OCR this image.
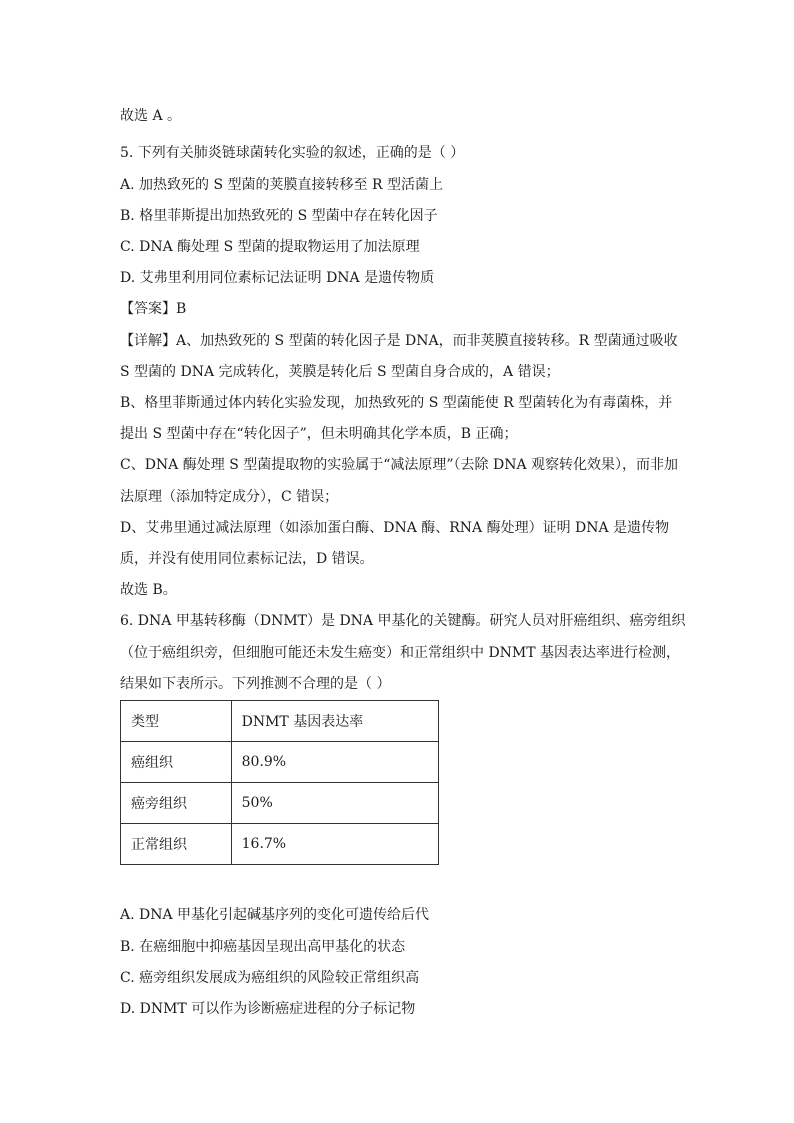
故选 A 。
5. 下列有关肺炎链球菌转化实验的叙述，正确的是（ ）
A. 加热致死的 S 型菌的荚膜直接转移至 R 型活菌上
B. 格里菲斯提出加热致死的 S 型菌中存在转化因子
C. DNA 酶处理 S 型菌的提取物运用了加法原理
D. 艾弗里利用同位素标记法证明 DNA 是遗传物质
【答案】B
【详解】A、加热致死的 S 型菌的转化因子是 DNA，而非荚膜直接转移。R 型菌通过吸收
S 型菌的 DNA 完成转化，荚膜是转化后 S 型菌自身合成的，A 错误；
B、格里菲斯通过体内转化实验发现，加热致死的 S 型菌能使 R 型菌转化为有毒菌株，并
提出 S 型菌中存在“转化因子”，但未明确其化学本质，B 正确；
C、DNA 酶处理 S 型菌提取物的实验属于“减法原理”（去除 DNA 观察转化效果），而非加
法原理（添加特定成分），C 错误；
D、艾弗里通过减法原理（如添加蛋白酶、DNA 酶、RNA 酶处理）证明 DNA 是遗传物
质，并没有使用同位素标记法，D 错误。
故选 B。
6. DNA 甲基转移酶（DNMT）是 DNA 甲基化的关键酶。研究人员对肝癌组织、癌旁组织
（位于癌组织旁，但细胞可能还未发生癌变）和正常组织中 DNMT 基因表达率进行检测，
结果如下表所示。下列推测不合理的是（ ）
类型	DNMT 基因表达率
癌组织	80.9%
癌旁组织	50%
正常组织	16.7%
A. DNA 甲基化引起碱基序列的变化可遗传给后代
B. 在癌细胞中抑癌基因呈现出高甲基化的状态
C. 癌旁组织发展成为癌组织的风险较正常组织高
D. DNMT 可以作为诊断癌症进程的分子标记物
